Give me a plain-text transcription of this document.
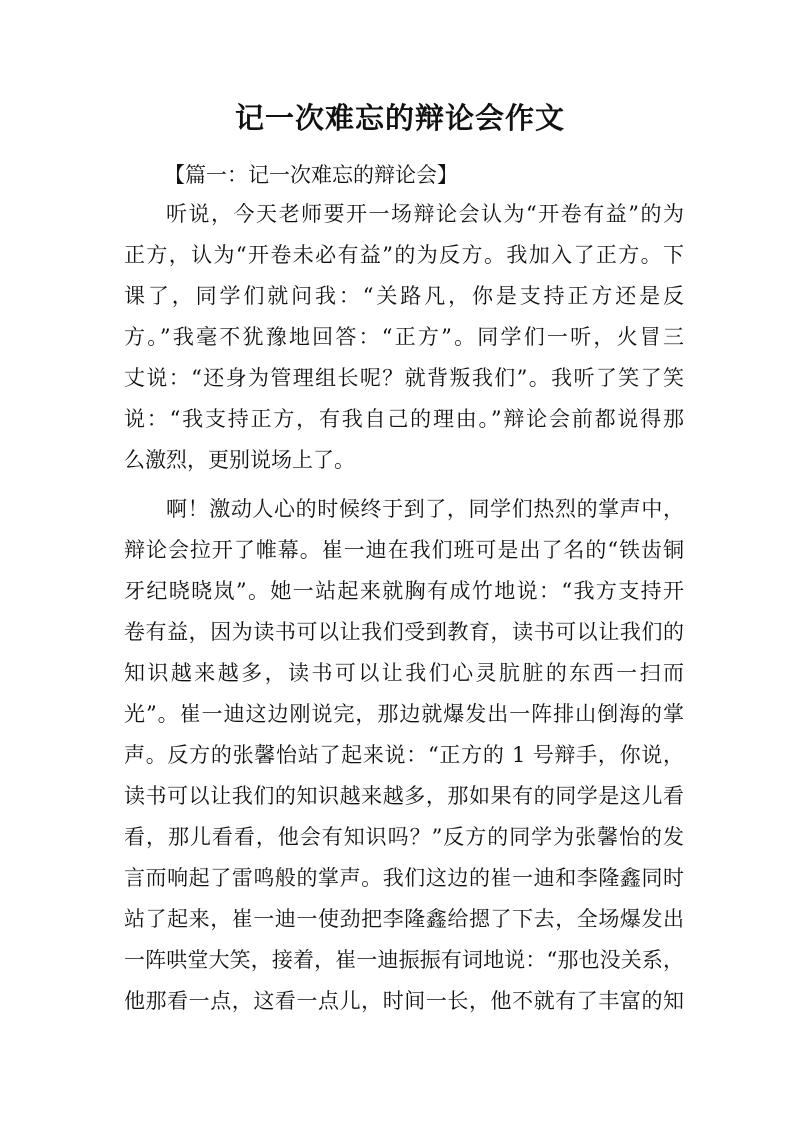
记一次难忘的辩论会作文
【篇一：记一次难忘的辩论会】
听说，今天老师要开一场辩论会认为“开卷有益”的为
正方，认为“开卷未必有益”的为反方。我加入了正方。下
课了，同学们就问我：“关路凡，你是支持正方还是反
方。”我毫不犹豫地回答：“正方”。同学们一听，火冒三
丈说：“还身为管理组长呢？就背叛我们”。我听了笑了笑
说：“我支持正方，有我自己的理由。”辩论会前都说得那
么激烈，更别说场上了。
啊！激动人心的时候终于到了，同学们热烈的掌声中，
辩论会拉开了帷幕。崔一迪在我们班可是出了名的“铁齿铜
牙纪晓晓岚”。她一站起来就胸有成竹地说：“我方支持开
卷有益，因为读书可以让我们受到教育，读书可以让我们的
知识越来越多，读书可以让我们心灵肮脏的东西一扫而
光”。崔一迪这边刚说完，那边就爆发出一阵排山倒海的掌
声。反方的张馨怡站了起来说：“正方的 1 号辩手，你说，
读书可以让我们的知识越来越多，那如果有的同学是这儿看
看，那儿看看，他会有知识吗？”反方的同学为张馨怡的发
言而响起了雷鸣般的掌声。我们这边的崔一迪和李隆鑫同时
站了起来，崔一迪一使劲把李隆鑫给摁了下去，全场爆发出
一阵哄堂大笑，接着，崔一迪振振有词地说：“那也没关系，
他那看一点，这看一点儿，时间一长，他不就有了丰富的知
